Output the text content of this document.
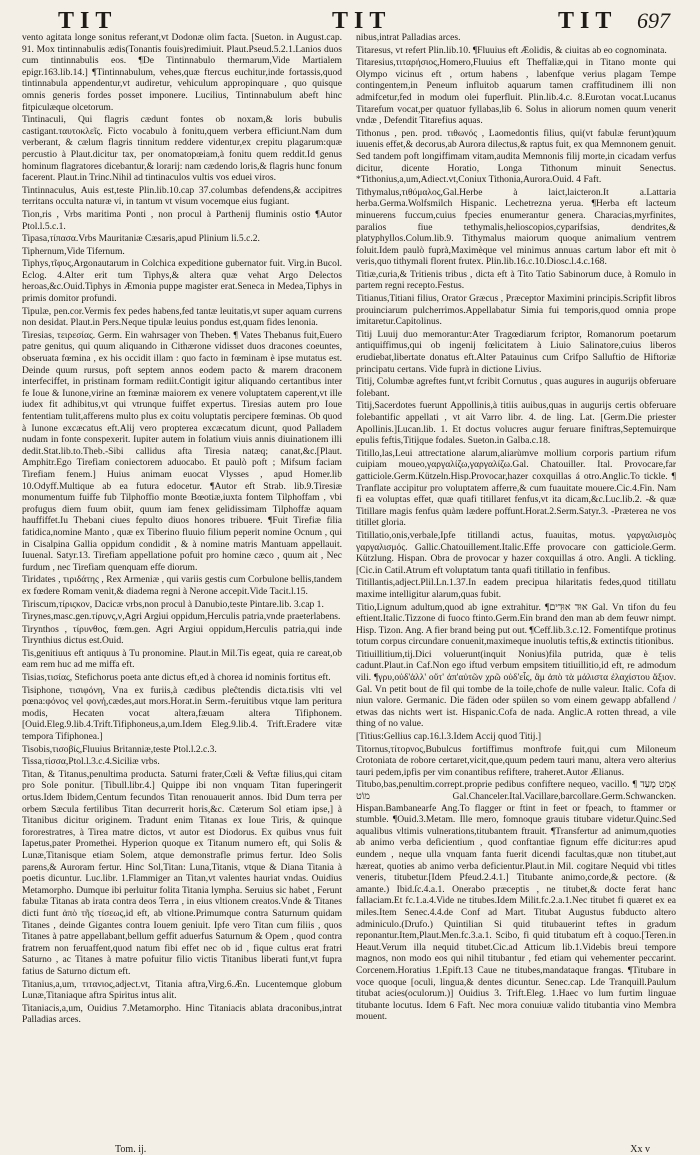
TIT	TIT	TIT 697

vento agitata longe sonitus referant,vt Dodonæ olim facta. [Sueton. in August.cap. 91. Mox tintinnabulis ædis(Tonantis fouis)redimiuit. Plaut.Pseud.5.2.1.Lanios duos cum tintinnabulis eos. ¶De Tintinnabulo thermarum,Vide Martialem epigr.163.lib.14.] ¶Tintinnabulum, vehes,quæ ftercus euchitur,inde fortassis,quod tintinnabula appendentur,vt audiretur, vehiculum appropinquare , quo quisque omnis generis fordes posset imponere. Lucilius, Tintinnabulum abeft hinc fitpiculæque olcetorum.

Tintinaculi, Qui flagris cædunt fontes ob noxam,& loris bubulis castigant.ταυτοκλεῖς. Ficto vocabulo à fonitu,quem verbera efficiunt.Nam dum verberant, & cælum flagris tinnitum reddere videntur,ex crepitu plagarum:quæ percustio à Plaut.dicitur tax, per onomatopœiam,à fonitu quem reddit.Id genus hominum flagratores dicebantur,& lorarij: nam cædendo loris,& flagris hunc fonum facerent. Plaut.in Trinc.Nihil ad tintinaculos vultis vos eduei viros.

Tintinnaculus, Auis est,teste Plin.lib.10.cap 37.columbas defendens,& accipitres territans occulta naturæ vi, in tantum vt visum vocemque eius fugiant.

Tion,ris , Vrbs maritima Ponti , non procul à Parthenij fluminis ostio ¶Autor Ptol.l.5.c.1.

Tipasa,τίπασα.Vrbs Mauritaniæ Cæsaris,apud Plinium li.5.c.2.

Tiphernum,Vide Tifernum.

Tiphys,τῖφυς,Argonautarum in Colchica expeditione gubernator fuit. Virg.in Bucol. Eclog. 4.Alter erit tum Tiphys,& altera quæ vehat Argo Delectos heroas,&c.Ouid.Tiphys in Æmonia puppe magister erat.Seneca in Medea,Tiphys in primis domitor profundi.

Tipulæ, pen.cor.Vermis fex pedes habens,fed tantæ leuitatis,vt super aquam currens non desidat. Plaut.in Pers.Neque tipulæ leuius pondus est,quam fides lenonia.

Tiresias, τειρεσίας. Germ. Ein wahrsager von Theben. ¶ Vates Thebanus fuit,Euero patre genitus, qui quum aliquando in Cithærone vidisset duos dracones coeuntes, obseruata fœmina , ex his occidit illam : quo facto in fœminam è ipse mutatus est. Deinde quum rursus, poft septem annos eodem pacto & marem draconem interfeciffet, in pristinam formam rediit.Contigit igitur aliquando certantibus inter fe Ioue & Iunone,virine an fœminæ maiorem ex venere voluptatem caperent,vt ille iudex fit adhibitus,vt qui vtrunque fuiffet expertus. Tiresias autem pro Ioue fententiam tulit,afferens multo plus ex coitu voluptatis percipere fœminas. Ob quod à Iunone excæcatus eft.Alij vero propterea excæcatum dicunt, quod Palladem nudam in fonte conspexerit. Iupiter autem in folatium viuis annis diuinationem illi dedit.Stat.lib.to.Theb.-Sibi callidus afta Tiresia natæq; canat,&c.[Plaut. Amphitr.Ego Tirefiam coniectorem aduocabo. Et paulò poft ; Mifsum faciam Tirefiam fenem.] Huius animam euocat Vlysses , apud Homer.lib 10.Odyff.Multique ab ea futura edocetur. ¶Autor eft Strab. lib.9.Tiresiæ monumentum fuiffe fub Tilphoffio monte Bœotiæ,iuxta fontem Tilphoffam , vbi profugus diem fuum obiit, quum iam fenex gelidissimam Tilphoffæ aquam hauffiffet.Iu Thebani ciues fepulto diuos honores tribuere. ¶Fuit Tirefiæ filia fatidica,nomine Manto , quæ ex Tiberino fluuio filium peperit nomine Ocnum , qui in Cisalpina Gallia oppidum condidit , & à nomine matris Mantuam appellauit. Iuuenal. Satyr.13. Tirefiam appellatione pofuit pro homine cæco , quum ait , Nec furdum , nec Tirefiam quenquam effe diorum.

Tiridates , τιριδάτης , Rex Armeniæ , qui variis gestis cum Corbulone bellis,tandem ex fœdere Romam venit,& diadema regni à Nerone accepit.Vide Tacit.l.15.

Tiriscum,τίριςκον, Dacicæ vrbs,non procul à Danubio,teste Pintare.lib. 3.cap 1.

Tirynes,masc.gen.τίρυνς,ν,Agri Argiui oppidum,Herculis patria,vnde praeterlabens.

Tirynthos , τίρυνθος, fœm.gen. Agri Argiui oppidum,Herculis patria,qui inde Tirynthius dictus est.Ouid.

Tis,genitiuus eft antiquus à Tu pronomine. Plaut.in Mil.Tis egeat, quia re careat,ob eam rem huc ad me miffa eft.

Tisias,τισίας, Stefichorus poeta ante dictus eft,ed à chorea id nominis fortitus eft.

Tisiphone, τισιφόνη, Vna ex furiis,à cædibus pleĉtendis dicta.tisis vlti vel pœna:φόνος vel φονή,cædes,aut mors.Horat.in Serm.-feruitibus vtque lam peritura modis, Hecaten vocat altera,fæuam altera Tifiphonem. [Ouid.Eleg.9.lib.4.Trift.Tifiphoneus,a,um.Idem Eleg.9.lib.4. Trift.Eradere vitæ tempora Tifiphonea.]

Tisobis,τισοβίς,Fluuius Britanniæ,teste Ptol.l.2.c.3.

Tissa,τίσσα,Ptol.l.3.c.4.Siciliæ vrbs.

Titan, & Titanus,penultima producta. Saturni frater,Cœli & Veftæ filius,qui citam pro Sole ponitur. [Tibull.libr.4.] Quippe ibi non vnquam Titan fuperingerit ortus.Idem Ibidem,Centum fecundos Titan renouauerit annos. Ibid Dum terra per orbem Sæcula fertilibus Titan decurrerit horis,&c. Cæterum Sol etiam ipse,] à Titanibus dicitur originem. Tradunt enim Titanas ex Ioue Tiris, & quinque fororestratres, à Tirea matre dictos, vt autor est Diodorus. Ex quibus vnus fuit Iapetus,pater Promethei. Hyperion quoque ex Titanum numero eft, qui Solis & Lunæ,Titanisque etiam Solem, atque demonstrafle primus fertur. Ideo Solis parens,& Auroram fertur. Hinc Sol,Titan: Luna,Titanis, vtque & Diana Titania à poetis dicuntur. Luc.libr. 1.Flammiger an Titan,vt valentes hauriat vndas. Ouidius Metamorpho. Dumque ibi perluitur folita Titania lympha. Seruius sic habet , Ferunt fabulæ Titanas ab irata contra deos Terra , in eius vltionem creatos.Vnde & Titanes dicti funt ἀπὸ τῆς τίσεως,id eft, ab vltione.Primumque contra Saturnum quidam Titanes , deinde Gigantes contra Iouem geniuit. Ipfe vero Titan cum filiis , quos Titanes à patre appellabant,bellum geffit aduerfus Saturnum & Opem , quod contra fratrem non feruaffent,quod natum fibi effet nec ob id , fique cultus erat fratri Saturno , ac Titanes à matre pofuitur filio victis Titanibus liberati funt,vt fupra fatius de Saturno dictum eft.

Titanius,a,um, τιτανιος,adject.vt, Titania aftra,Virg.6.Æn. Lucentemque globum Lunæ,Titaniaque aftra Spiritus intus alit.

Titaniacis,a,um, Ouidius 7.Metamorpho. Hinc Titaniacis ablata draconibus,intrat Palladias arces.

nibus,intrat Palladias arces.

Titaresus, vt refert Plin.lib.10. ¶Fluuius eft Æolidis, & ciuitas ab eo cognominata.

Titaresius,τιταρήσιος,Homero,Fluuius eft Theffaliæ,qui in Titano monte qui Olympo vicinus eft , ortum habens , labenfque verius plagam Tempe contingentem,in Peneum influitob aquarum tamen craffitudinem illi non admifcetur,fed in modum olei fuperfluit. Plin.lib.4.c. 8.Eurotan vocat.Lucanus Titarefum vocat,per quatuor fyllabas,lib 6. Solus in aliorum nomen quum venerit vndæ , Defendit Titarefius aquas.

Tithonus , pen. prod. τιθωνός , Laomedontis filius, qui(vt fabulæ ferunt)quum iuuenis effet,& decorus,ab Aurora dilectus,& raptus fuit, ex qua Memnonem genuit. Sed tandem poft longiffimam vitam,audita Memnonis filij morte,in cicadam verfus dicitur, dicente Horatio, Longa Tithonum minuit Senectus. *Tithonius,a,um,Adiect.vt,Coniux Tithonia,Aurora.Ouid. 4 Faft.

Tithymalus,τιθύμαλος,Gal.Herbe à laict,laicteron.It a.Lattaria herba.Germa.Wolfsmilch Hispanic. Lechetrezna yerua. ¶Herba eft lacteum minuerens fuccum,cuius fpecies enumerantur genera. Characias,myrfinites, paralios fiue tethymalis,helioscopios,cyparifsias, dendrites,& platyphyllos.Colum.lib.9. Tithymalus maiorum quoque animalium ventrem foluit.Idem paulò fuprà,Maximèque vel minimus annuas cartum labor eft mit ò veris,quo tithymali florent frutex. Plin.lib.16.c.10.Diosc.l.4.c.168.

Titiæ,curia,& Tritienis tribus , dicta eft à Tito Tatio Sabinorum duce, à Romulo in partem regni recepto.Festus.

Titianus,Titiani filius, Orator Græcus , Præceptor Maximini principis.Scripfit libros prouinciarum pulcherrimos.Appellabatur Simia fui temporis,quod omnia prope imitaretur.Capitolinus.

Titij Luuij duo memorantur:Ater Tragœdiarum fcriptor, Romanorum poetarum antiquiffimus,qui ob ingenij fœlicitatem à Liuio Salinatore,cuius liberos erudiebat,libertate donatus eft.Alter Patauinus cum Crifpo Salluftio de Hiftoriæ principatu certans. Vide fuprà in dictione Livius.

Titij, Columbæ agreftes funt,vt fcribit Cornutus , quas augures in augurijs obferuare folebant.

Titij,Sacerdotes fuerunt Appollinis,à titiis auibus,quas in augurijs certis obferuare folebantific appellati , vt ait Varro libr. 4. de ling. Lat. [Germ.Die priester Apollinis.]Lucan.lib. 1. Et doctus volucres augur feruare finiftras,Septemuirque epulis feftis,Titijque fodales. Sueton.in Galba.c.18.

Titillo,las,Leui attrectatione alarum,aliarùmve mollium corporis partium rifum cuipiam moueo,γαργαλίζω,γαργαλίζω.Gal. Chatouiller. Ital. Provocare,far gatticiole.Germ.Kützeln.Hisp.Provocar,hazer coxquillas á otro.Anglic.To tickle. ¶ Tranflate accipitur pro voluptatem afferre,& cum fuauitate mouere.Cic.4.Fin. Nam fi ea voluptas effet, quæ quafi titillaret fenfus,vt ita dicam,&c.Luc.lib.2. -& quæ Titillare magis fenfus quàm lædere poffunt.Horat.2.Serm.Satyr.3. -Præterea ne vos titillet gloria.

Titillatio,onis,verbale,Ipfe titillandi actus, fuauitas, motus. γαργαλισμὸς γαργαλισμός. Gallic.Chatouillement.Italic.Effe provocare con gatticiole.Germ. Kützlung. Hispan. Obra de provocar y hazer coxquillas á otro. Angli. A tickling.[Cic.in Catil.Atrum eft voluptatum tanta quafi titillatio in fenfibus.

Titillantis,adject.Plil.Ln.1.37.In eadem precipua hilaritatis fedes,quod titillatu maxime intelligitur alarum,quas fubit.

Titio,Lignum adultum,quod ab igne extrahitur. ¶אוּד אוּדִים Gal. Vn tifon du feu eftient.Italic.Tizzone di fuoco ftinto.Germ.Ein brand den man ab dem feuwr nimpt. Hisp. Tizon. Ang. A fier brand being put out. ¶Ceff.lib.3.c.12. Fomentifque protinus totum corpus circundare conuenit,maximeque inuolutis teftis,& extinctis titionibus.

Titiuillitium,tij.Dici voluerunt(inquit Nonius)fila putrida, quæ è telis cadunt.Plaut.in Caf.Non ego iftud verbum empsitem titiuillitio,id eft, re admodum vili. ¶γρυ,οὐδ'ἀλλ' οὔτ' ἀπ'αὐτῶν χρῶ οὐδ'εἷς, ἂμ ἀπὸ τὰ μάλιστα ἐλαχίστου ἄξιον. Gal. Vn petit bout de fil qui tombe de la toile,chofe de nulle valeur. Italic. Cofa di niun valore. Germanic. Die fäden oder spülen so vom einem gewapp abfallend / etwas das nichts wert ist. Hispanic.Cofa de nada. Anglic.A rotten thread, a vile thing of no value.

[Titius:Gellius cap.16.l.3.Idem Accij quod Titij.]

Titornus,τίτορνος,Bubulcus fortiffimus monftrofe fuit,qui cum Miloneum Crotoniata de robore certaret,vicit,que,quum pedem tauri manu, altera vero alterius tauri pedem,ipfis per vim conantibus refiftere, traheret.Autor Ælianus.

Titubo,bas,penultim.corrept.proprie pedibus confiftere nequeo, vacillo. ¶ אָמַט מָעַד מוֹט Gal.Chanceler.Ital.Vacillare,barcollare.Germ.Schwancken. Hispan.Bambanearfe Ang.To flagger or ftint in feet or fpeach, to ftammer or stumble. ¶Ouid.3.Metam. Ille mero, fomnoque grauis titubare videtur.Quinc.Sed aqualibus vltimis vulnerations,titubantem ftrauit. ¶Transfertur ad animum,quoties ab animo verba deficientium , quod conftantiae fignum effe dicitur:res apud eundem , neque ulla vnquam fanta fuerit dicendi facultas,quæ non titubet,aut hæreat, quoties ab animo verba deficientur.Plaut.in Mil. cogitare Nequid vbi titles veneris, titubetur.[Idem Pfeud.2.4.1.] Titubante animo,corde,& pectore. (& amante.) Ibid.ſc.4.a.1. Onerabo præceptis , ne titubet,& docte ferat hanc fallaciam.Et fc.1.a.4.Vide ne titubes.Idem Milit.fc.2.a.1.Nec titubet fi quæret ex ea miles.Item Senec.4.4.de Conf ad Mart. Titubat Augustus fubducto altero adminiculo.(Drufo.) Quintilian Si quid titubauerint teftes in gradum reponantur.Item,Plaut.Men.fc.3.a.1. Scibo, fi quid titubatum eft à coquo.[Teren.in Heaut.Verum illa nequid titubet.Cic.ad Atticum lib.1.Videbis breui tempore magnos, non modo eos qui nihil titubantur , fed etiam qui vehementer peccarint. Corcenem.Horatius 1.Epift.13 Caue ne titubes,mandataque frangas. ¶Titubare in voce quoque [oculi, lingua,& dentes dicuntur. Senec.cap. Lde Tranquill.Paulum titubat acies(oculorum.)] Ouidius 3. Trift.Eleg. 1.Haec vo lum furtim linguae titubante locutus. Idem 6 Faft. Nec mora conuiuæ valido titubantia vino Membra mouent.

Tom. ij.	Xx v
